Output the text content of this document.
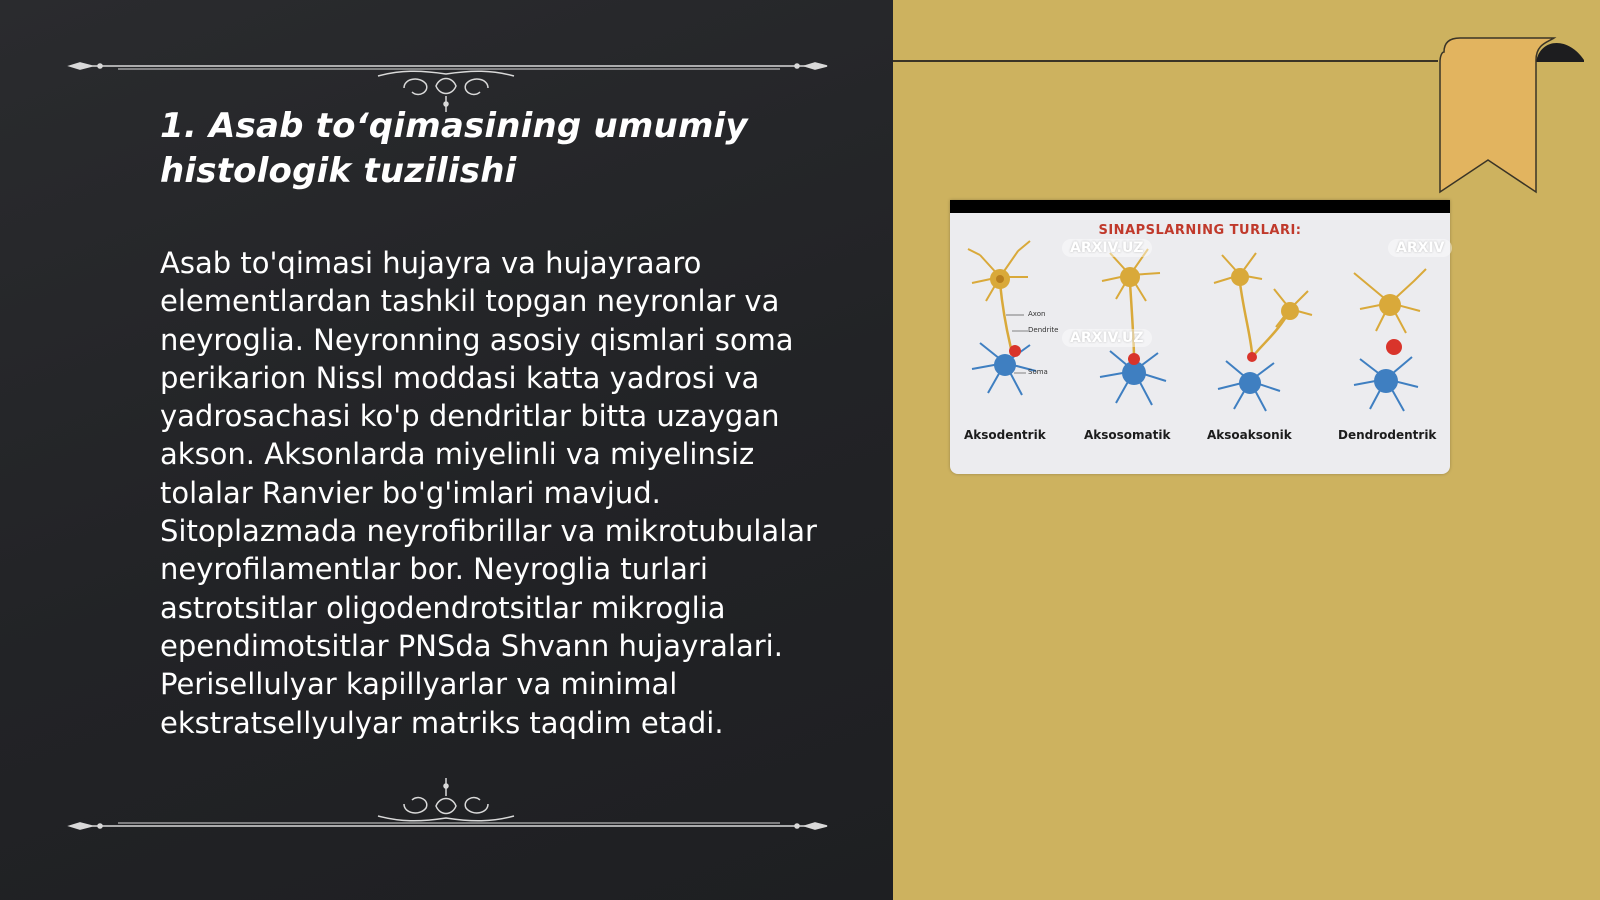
1. Asab to‘qimasining umumiy
histologik tuzilishi
Asab to'qimasi hujayra va hujayraaro
elementlardan tashkil topgan neyronlar va
neyroglia. Neyronning asosiy qismlari soma
perikarion Nissl moddasi katta yadrosi va
yadrosachasi ko'p dendritlar bitta uzaygan
akson. Aksonlarda miyelinli va miyelinsiz
tolalar Ranvier bo'g'imlari mavjud.
Sitoplazmada neyrofibrillar va mikrotubulalar
neyrofilamentlar bor. Neyroglia turlari
astrotsitlar oligodendrotsitlar mikroglia
ependimotsitlar PNSda Shvann hujayralari.
Perisellulyar kapillyarlar va minimal
ekstratsellyulyar matriks taqdim etadi.
SINAPSLARNING TURLARI:
Axon
Dendrite
Soma
ARXIV.UZ
ARXIV.UZ
ARXIV
Aksodentrik	Aksosomatik	Aksoaksonik	Dendrodentrik
